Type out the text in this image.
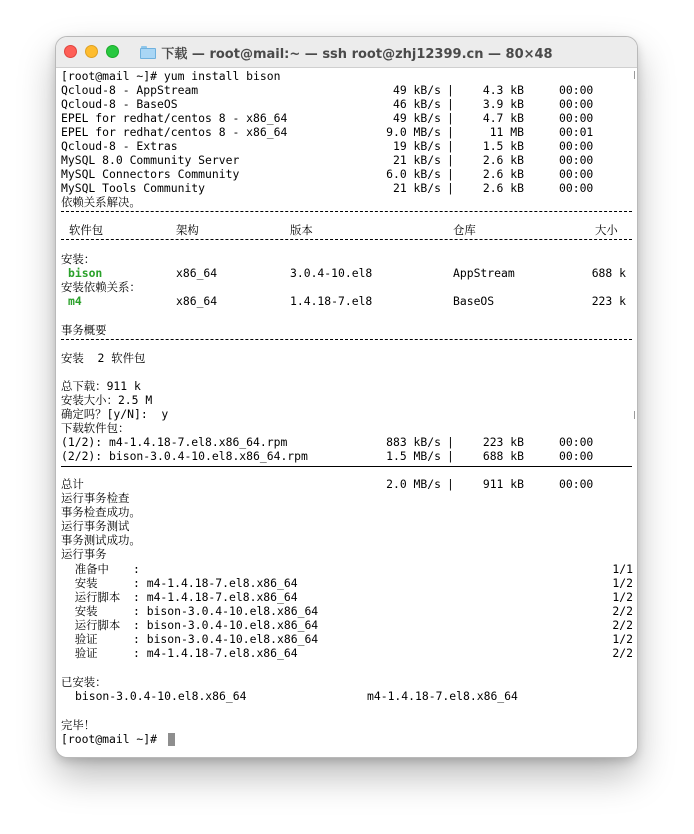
下载 — root@mail:~ — ssh root@zhj12399.cn — 80×48
[root@mail ~]# yum install bison
Qcloud-8 - AppStream	49 kB/s |	4.3 kB	00:00
Qcloud-8 - BaseOS	46 kB/s |	3.9 kB	00:00
EPEL for redhat/centos 8 - x86_64	49 kB/s |	4.7 kB	00:00
EPEL for redhat/centos 8 - x86_64	9.0 MB/s |	11 MB	00:01
Qcloud-8 - Extras	19 kB/s |	1.5 kB	00:00
MySQL 8.0 Community Server	21 kB/s |	2.6 kB	00:00
MySQL Connectors Community	6.0 kB/s |	2.6 kB	00:00
MySQL Tools Community	21 kB/s |	2.6 kB	00:00
依赖关系解决。
软件包	架构	版本	仓库	大小
安装：
bison	x86_64	3.0.4-10.el8	AppStream	688 k
安装依赖关系：
m4	x86_64	1.4.18-7.el8	BaseOS	223 k
事务概要
安装  2 软件包
总下载：911 k
安装大小：2.5 M
确定吗？[y/N]:  y
下载软件包：
(1/2): m4-1.4.18-7.el8.x86_64.rpm	883 kB/s |	223 kB	00:00
(2/2): bison-3.0.4-10.el8.x86_64.rpm	1.5 MB/s |	688 kB	00:00
总计	2.0 MB/s |	911 kB	00:00
运行事务检查
事务检查成功。
运行事务测试
事务测试成功。
运行事务
准备中 :	1/1
安装 : m4-1.4.18-7.el8.x86_64	1/2
运行脚本 : m4-1.4.18-7.el8.x86_64	1/2
安装 : bison-3.0.4-10.el8.x86_64	2/2
运行脚本 : bison-3.0.4-10.el8.x86_64	2/2
验证 : bison-3.0.4-10.el8.x86_64	1/2
验证 : m4-1.4.18-7.el8.x86_64	2/2
已安装：
bison-3.0.4-10.el8.x86_64	m4-1.4.18-7.el8.x86_64
完毕！
[root@mail ~]#
